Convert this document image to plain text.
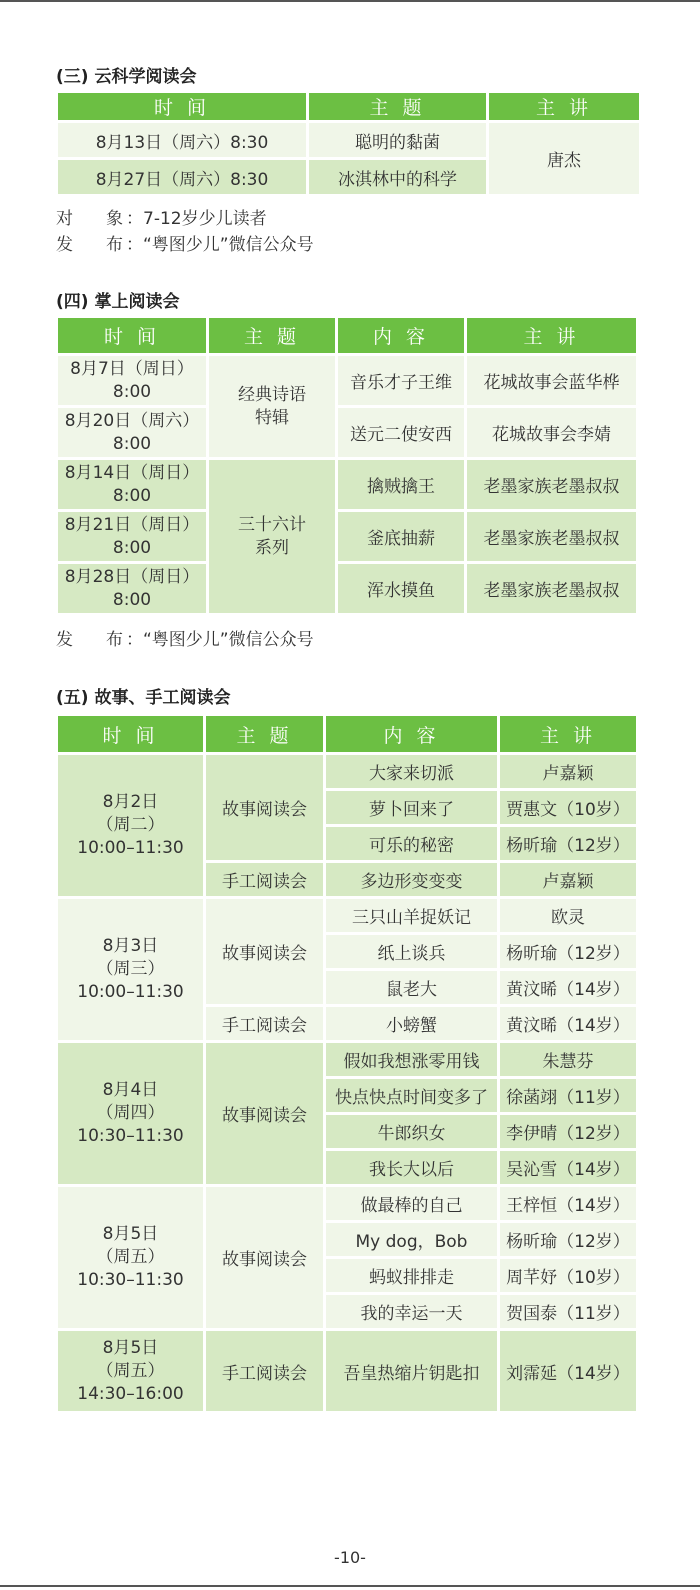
(三) 云科学阅读会
时 间	主 题	主 讲
8月13日（周六）8:30	聪明的黏菌	唐杰
8月27日（周六）8:30	冰淇林中的科学	
对 象 ：7-12岁少儿读者
发 布 ：“粤图少儿”微信公众号
(四) 掌上阅读会
时 间	主 题	内 容	主 讲

8月7日（周日）
8:00	经典诗语
特辑	音乐才子王维	花城故事会蓝华桦

8月20日（周六）
8:00		送元二使安西	花城故事会李婧

8月14日（周日）
8:00	三十六计
系列	擒贼擒王	老墨家族老墨叔叔

8月21日（周日）
8:00		釜底抽薪	老墨家族老墨叔叔

8月28日（周日）
8:00		浑水摸鱼	老墨家族老墨叔叔
发 布 ：“粤图少儿”微信公众号
(五) 故事、手工阅读会
时 间	主 题	内 容	主 讲

8月2日
（周二）
10:00–11:30	故事阅读会	大家来切派	卢嘉颖
		萝卜回来了	贾惠文（10岁）
		可乐的秘密	杨昕瑜（12岁）
	手工阅读会	多边形变变变	卢嘉颖

8月3日
（周三）
10:00–11:30	故事阅读会	三只山羊捉妖记	欧灵
		纸上谈兵	杨昕瑜（12岁）
		鼠老大	黄汶晞（14岁）
	手工阅读会	小螃蟹	黄汶晞（14岁）

8月4日
（周四）
10:30–11:30	故事阅读会	假如我想涨零用钱	朱慧芬
		快点快点时间变多了	徐菡翊（11岁）
		牛郎织女	李伊晴（12岁）
		我长大以后	吴沁雪（14岁）

8月5日
（周五）
10:30–11:30	故事阅读会	做最棒的自己	王梓恒（14岁）
		My dog，Bob	杨昕瑜（12岁）
		蚂蚁排排走	周芊妤（10岁）
		我的幸运一天	贺国泰（11岁）

8月5日
（周五）
14:30–16:00	手工阅读会	吾皇热缩片钥匙扣	刘霈延（14岁）
-10-
